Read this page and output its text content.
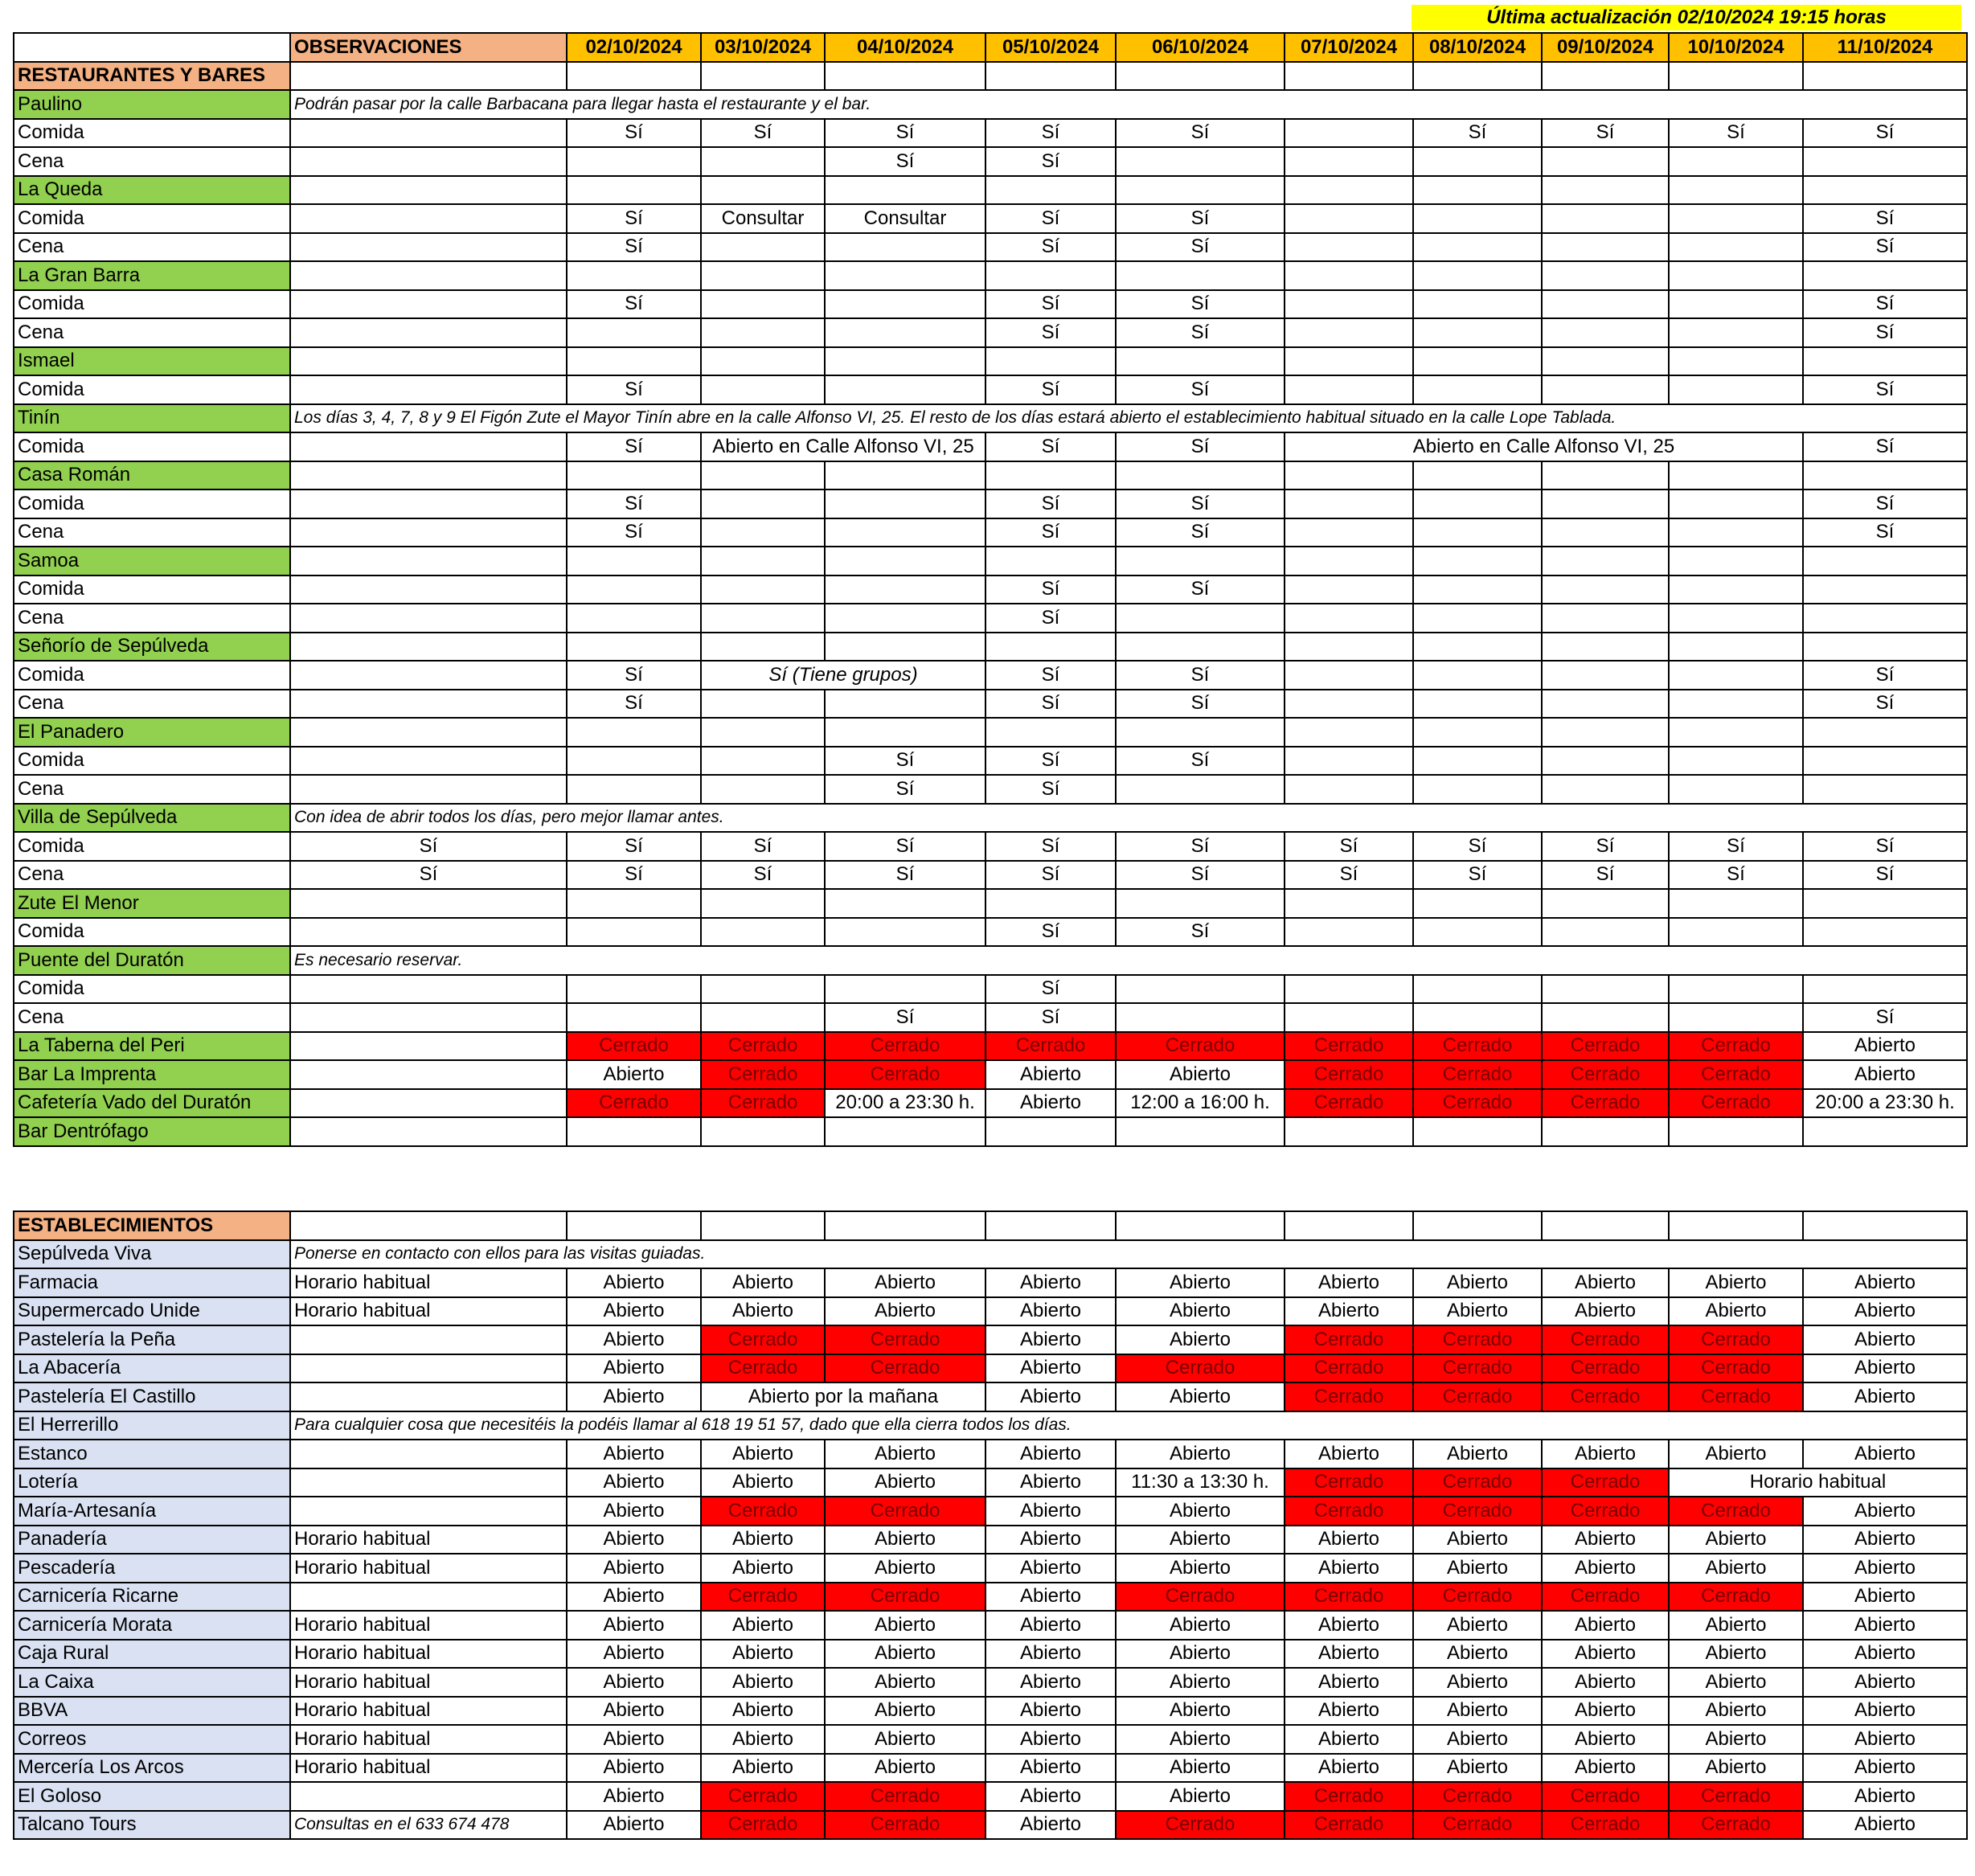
Última actualización 02/10/2024 19:15 horas
	OBSERVACIONES	02/10/2024	03/10/2024	04/10/2024	05/10/2024	06/10/2024	07/10/2024	08/10/2024	09/10/2024	10/10/2024	11/10/2024
RESTAURANTES Y BARES											
Paulino	Podrán pasar por la calle Barbacana para llegar hasta el restaurante y el bar.										
Comida		Sí	Sí	Sí	Sí	Sí		Sí	Sí	Sí	Sí
Cena				Sí	Sí						
La Queda											
Comida		Sí	Consultar	Consultar	Sí	Sí					Sí
Cena		Sí			Sí	Sí					Sí
La Gran Barra											
Comida		Sí			Sí	Sí					Sí
Cena					Sí	Sí					Sí
Ismael											
Comida		Sí			Sí	Sí					Sí
Tinín	Los días 3, 4, 7, 8 y 9 El Figón Zute el Mayor Tinín abre en la calle Alfonso VI, 25. El resto de los días estará abierto el establecimiento habitual situado en la calle Lope Tablada.										
Comida		Sí	Abierto en Calle Alfonso VI, 25		Sí	Sí	Abierto en Calle Alfonso VI, 25				Sí
Casa Román											
Comida		Sí			Sí	Sí					Sí
Cena		Sí			Sí	Sí					Sí
Samoa											
Comida					Sí	Sí					
Cena					Sí						
Señorío de Sepúlveda											
Comida		Sí	Sí (Tiene grupos)		Sí	Sí					Sí
Cena		Sí			Sí	Sí					Sí
El Panadero											
Comida				Sí	Sí	Sí					
Cena				Sí	Sí						
Villa de Sepúlveda	Con idea de abrir todos los días, pero mejor llamar antes.										
Comida	Sí	Sí	Sí	Sí	Sí	Sí	Sí	Sí	Sí	Sí	Sí
Cena	Sí	Sí	Sí	Sí	Sí	Sí	Sí	Sí	Sí	Sí	Sí
Zute El Menor											
Comida					Sí	Sí					
Puente del Duratón	Es necesario reservar.										
Comida					Sí						
Cena				Sí	Sí						Sí
La Taberna del Peri		Cerrado	Cerrado	Cerrado	Cerrado	Cerrado	Cerrado	Cerrado	Cerrado	Cerrado	Abierto
Bar La Imprenta		Abierto	Cerrado	Cerrado	Abierto	Abierto	Cerrado	Cerrado	Cerrado	Cerrado	Abierto
Cafetería Vado del Duratón		Cerrado	Cerrado	20:00 a 23:30 h.	Abierto	12:00 a 16:00 h.	Cerrado	Cerrado	Cerrado	Cerrado	20:00 a 23:30 h.
Bar Dentrófago											
ESTABLECIMIENTOS											
Sepúlveda Viva	Ponerse en contacto con ellos para las visitas guiadas.										
Farmacia	Horario habitual	Abierto	Abierto	Abierto	Abierto	Abierto	Abierto	Abierto	Abierto	Abierto	Abierto
Supermercado Unide	Horario habitual	Abierto	Abierto	Abierto	Abierto	Abierto	Abierto	Abierto	Abierto	Abierto	Abierto
Pastelería la Peña		Abierto	Cerrado	Cerrado	Abierto	Abierto	Cerrado	Cerrado	Cerrado	Cerrado	Abierto
La Abacería		Abierto	Cerrado	Cerrado	Abierto	Cerrado	Cerrado	Cerrado	Cerrado	Cerrado	Abierto
Pastelería El Castillo		Abierto	Abierto por la mañana		Abierto	Abierto	Cerrado	Cerrado	Cerrado	Cerrado	Abierto
El Herrerillo	Para cualquier cosa que necesitéis la podéis llamar al 618 19 51 57, dado que ella cierra todos los días.										
Estanco		Abierto	Abierto	Abierto	Abierto	Abierto	Abierto	Abierto	Abierto	Abierto	Abierto
Lotería		Abierto	Abierto	Abierto	Abierto	11:30 a 13:30 h.	Cerrado	Cerrado	Cerrado	Horario habitual	
María-Artesanía		Abierto	Cerrado	Cerrado	Abierto	Abierto	Cerrado	Cerrado	Cerrado	Cerrado	Abierto
Panadería	Horario habitual	Abierto	Abierto	Abierto	Abierto	Abierto	Abierto	Abierto	Abierto	Abierto	Abierto
Pescadería	Horario habitual	Abierto	Abierto	Abierto	Abierto	Abierto	Abierto	Abierto	Abierto	Abierto	Abierto
Carnicería Ricarne		Abierto	Cerrado	Cerrado	Abierto	Cerrado	Cerrado	Cerrado	Cerrado	Cerrado	Abierto
Carnicería Morata	Horario habitual	Abierto	Abierto	Abierto	Abierto	Abierto	Abierto	Abierto	Abierto	Abierto	Abierto
Caja Rural	Horario habitual	Abierto	Abierto	Abierto	Abierto	Abierto	Abierto	Abierto	Abierto	Abierto	Abierto
La Caixa	Horario habitual	Abierto	Abierto	Abierto	Abierto	Abierto	Abierto	Abierto	Abierto	Abierto	Abierto
BBVA	Horario habitual	Abierto	Abierto	Abierto	Abierto	Abierto	Abierto	Abierto	Abierto	Abierto	Abierto
Correos	Horario habitual	Abierto	Abierto	Abierto	Abierto	Abierto	Abierto	Abierto	Abierto	Abierto	Abierto
Mercería Los Arcos	Horario habitual	Abierto	Abierto	Abierto	Abierto	Abierto	Abierto	Abierto	Abierto	Abierto	Abierto
El Goloso		Abierto	Cerrado	Cerrado	Abierto	Abierto	Cerrado	Cerrado	Cerrado	Cerrado	Abierto
Talcano Tours	Consultas en el 633 674 478	Abierto	Cerrado	Cerrado	Abierto	Cerrado	Cerrado	Cerrado	Cerrado	Cerrado	Abierto
